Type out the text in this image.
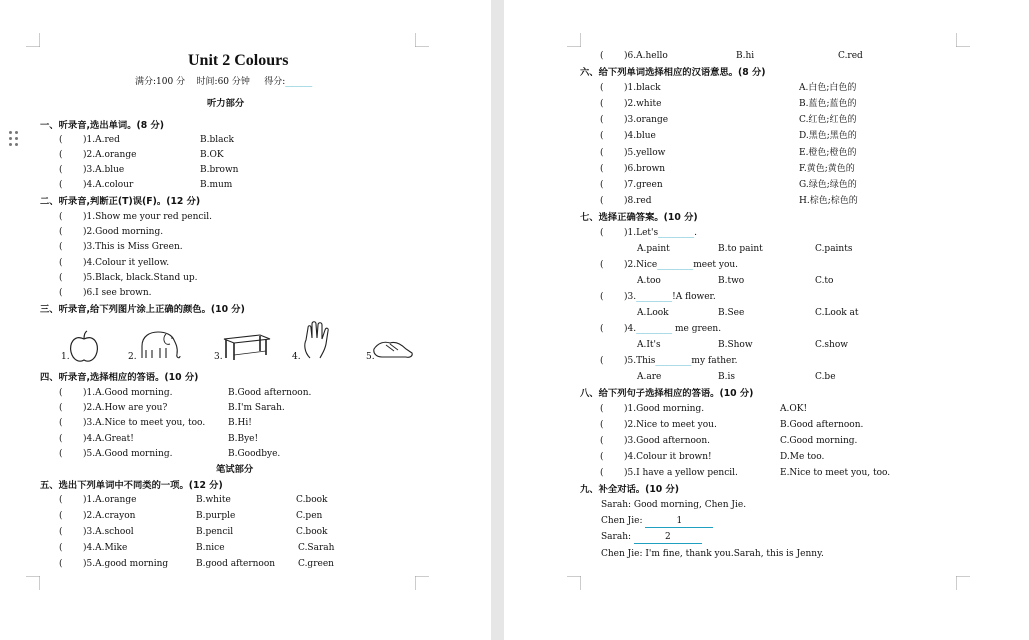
Unit 2 Colours
满分:100 分 时间:60 分钟 得分:______
听力部分
一、听录音,选出单词。(8 分)
( )1.A.red	B.black
( )2.A.orange	B.OK
( )3.A.blue	B.brown
( )4.A.colour	B.mum
二、听录音,判断正(T)误(F)。(12 分)
( )1.Show me your red pencil.
( )2.Good morning.
( )3.This is Miss Green.
( )4.Colour it yellow.
( )5.Black, black.Stand up.
( )6.I see brown.
三、听录音,给下列图片涂上正确的颜色。(10 分)
1.	2.	3.	4.	5.
四、听录音,选择相应的答语。(10 分)
( )1.A.Good morning.	B.Good afternoon.
( )2.A.How are you?	B.I'm Sarah.
( )3.A.Nice to meet you, too.	B.Hi!
( )4.A.Great!	B.Bye!
( )5.A.Good morning.	B.Goodbye.
笔试部分
五、选出下列单词中不同类的一项。(12 分)
( )1.A.orange	B.white	C.book
( )2.A.crayon	B.purple	C.pen
( )3.A.school	B.pencil	C.book
( )4.A.Mike	B.nice	C.Sarah
( )5.A.good morning	B.good afternoon	C.green
( )6.A.hello	B.hi	C.red
六、给下列单词选择相应的汉语意思。(8 分)
( )1.black	A.白色;白色的
( )2.white	B.蓝色;蓝色的
( )3.orange	C.红色;红色的
( )4.blue	D.黑色;黑色的
( )5.yellow	E.橙色;橙色的
( )6.brown	F.黄色;黄色的
( )7.green	G.绿色;绿色的
( )8.red	H.棕色;棕色的
七、选择正确答案。(10 分)
( )1.Let's________.
A.paint	B.to paint	C.paints
( )2.Nice________meet you.
A.too	B.two	C.to
( )3.________!A flower.
A.Look	B.See	C.Look at
( )4.________ me green.
A.It's	B.Show	C.show
( )5.This________my father.
A.are	B.is	C.be
八、给下列句子选择相应的答语。(10 分)
( )1.Good morning.	A.OK!
( )2.Nice to meet you.	B.Good afternoon.
( )3.Good afternoon.	C.Good morning.
( )4.Colour it brown!	D.Me too.
( )5.I have a yellow pencil.	E.Nice to meet you, too.
九、补全对话。(10 分)
Sarah: Good morning, Chen Jie.
Chen Jie:	1
Sarah:	2
Chen Jie: I'm fine, thank you.Sarah, this is Jenny.
